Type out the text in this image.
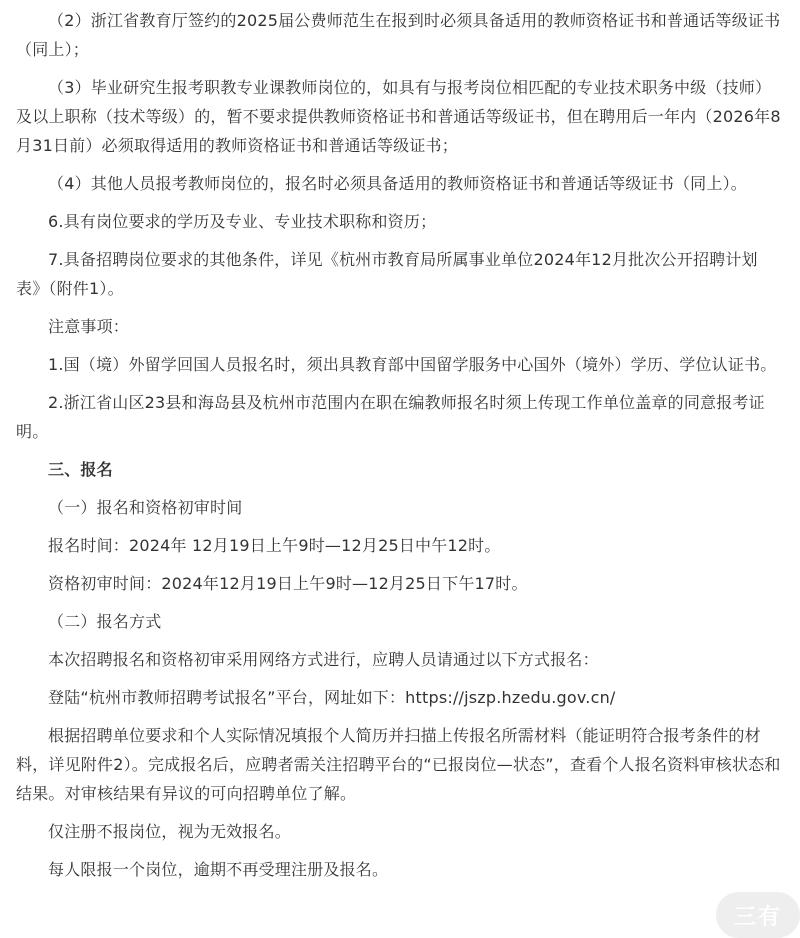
（2）浙江省教育厅签约的2025届公费师范生在报到时必须具备适用的教师资格证书和普通话等级证书（同上）；

（3）毕业研究生报考职教专业课教师岗位的，如具有与报考岗位相匹配的专业技术职务中级（技师）及以上职称（技术等级）的，暂不要求提供教师资格证书和普通话等级证书，但在聘用后一年内（2026年8月31日前）必须取得适用的教师资格证书和普通话等级证书；

（4）其他人员报考教师岗位的，报名时必须具备适用的教师资格证书和普通话等级证书（同上）。

6.具有岗位要求的学历及专业、专业技术职称和资历；

7.具备招聘岗位要求的其他条件，详见《杭州市教育局所属事业单位2024年12月批次公开招聘计划表》（附件1）。

注意事项：

1.国（境）外留学回国人员报名时，须出具教育部中国留学服务中心国外（境外）学历、学位认证书。

2.浙江省山区23县和海岛县及杭州市范围内在职在编教师报名时须上传现工作单位盖章的同意报考证明。

三、报名

（一）报名和资格初审时间

报名时间：2024年 12月19日上午9时—12月25日中午12时。

资格初审时间：2024年12月19日上午9时—12月25日下午17时。

（二）报名方式

本次招聘报名和资格初审采用网络方式进行，应聘人员请通过以下方式报名：

登陆“杭州市教师招聘考试报名”平台，网址如下：https://jszp.hzedu.gov.cn/

根据招聘单位要求和个人实际情况填报个人简历并扫描上传报名所需材料（能证明符合报考条件的材料，详见附件2）。完成报名后，应聘者需关注招聘平台的“已报岗位—状态”，查看个人报名资料审核状态和结果。对审核结果有异议的可向招聘单位了解。

仅注册不报岗位，视为无效报名。

每人限报一个岗位，逾期不再受理注册及报名。

三有
